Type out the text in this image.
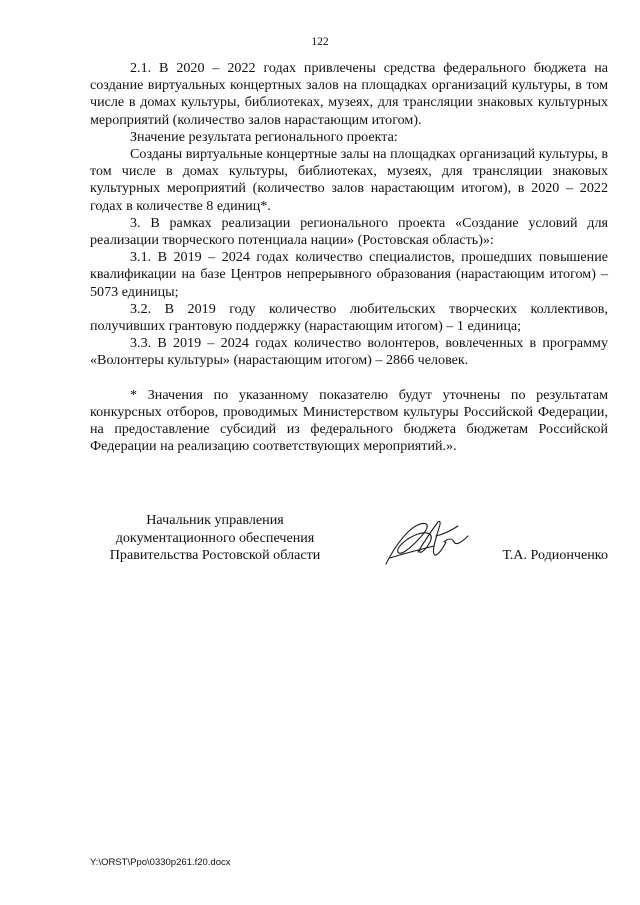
122

2.1. В 2020 – 2022 годах привлечены средства федерального бюджета на создание виртуальных концертных залов на площадках организаций культуры, в том числе в домах культуры, библиотеках, музеях, для трансляции знаковых культурных мероприятий (количество залов нарастающим итогом).

Значение результата регионального проекта:

Созданы виртуальные концертные залы на площадках организаций культуры, в том числе в домах культуры, библиотеках, музеях, для трансляции знаковых культурных мероприятий (количество залов нарастающим итогом), в 2020 – 2022 годах в количестве 8 единиц*.

3. В рамках реализации регионального проекта «Создание условий для реализации творческого потенциала нации» (Ростовская область)»:

3.1. В 2019 – 2024 годах количество специалистов, прошедших повышение квалификации на базе Центров непрерывного образования (нарастающим итогом) – 5073 единицы;

3.2. В 2019 году количество любительских творческих коллективов, получивших грантовую поддержку (нарастающим итогом) – 1 единица;

3.3. В 2019 – 2024 годах количество волонтеров, вовлеченных в программу «Волонтеры культуры» (нарастающим итогом) – 2866 человек.

* Значения по указанному показателю будут уточнены по результатам конкурсных отборов, проводимых Министерством культуры Российской Федерации, на предоставление субсидий из федерального бюджета бюджетам Российской Федерации на реализацию соответствующих мероприятий.».

Начальник управления
документационного обеспечения
Правительства Ростовской области	Т.А. Родионченко
Y:\ORST\Ppo\0330p261.f20.docx
